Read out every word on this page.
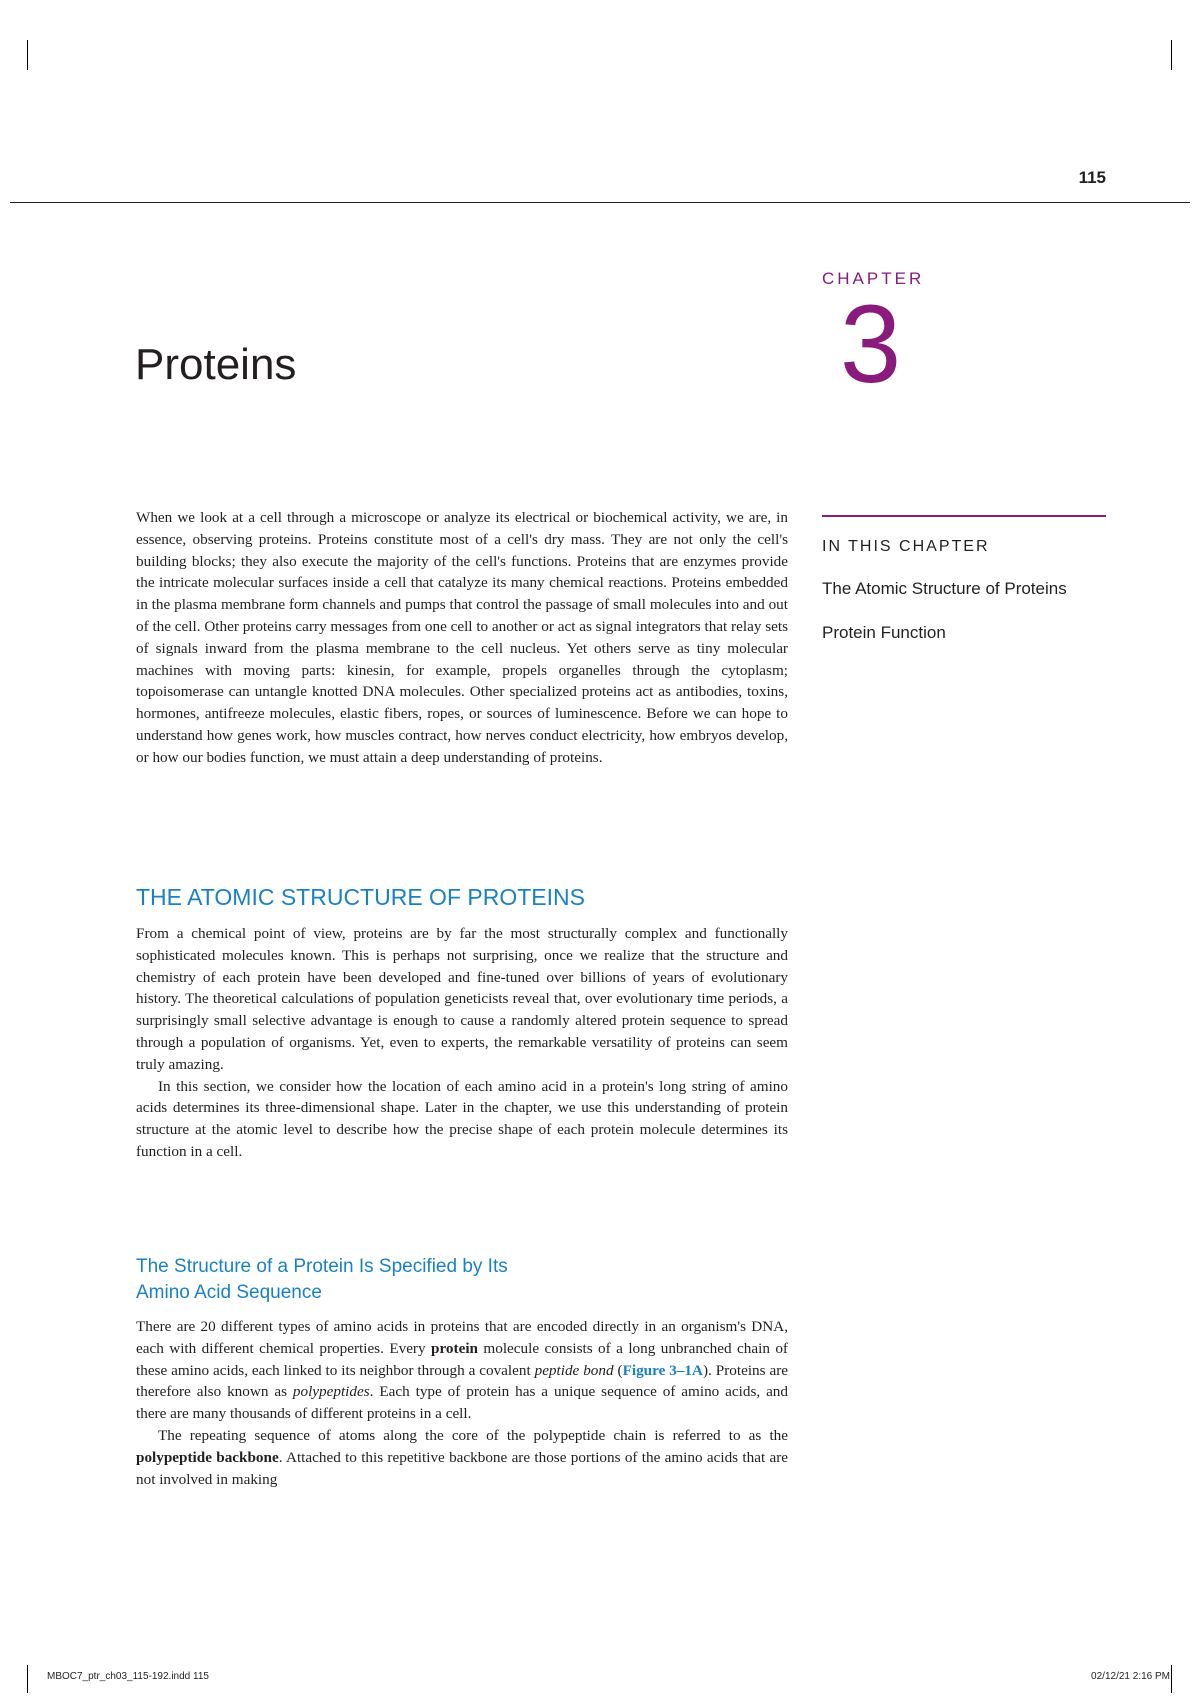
115
CHAPTER
3
Proteins
IN THIS CHAPTER
The Atomic Structure of Proteins
Protein Function

When we look at a cell through a microscope or analyze its electrical or biochemical activity, we are, in essence, observing proteins. Proteins constitute most of a cell's dry mass. They are not only the cell's building blocks; they also execute the majority of the cell's functions. Proteins that are enzymes provide the intricate molecular surfaces inside a cell that catalyze its many chemical reactions. Proteins embedded in the plasma membrane form channels and pumps that control the passage of small molecules into and out of the cell. Other proteins carry messages from one cell to another or act as signal integrators that relay sets of signals inward from the plasma membrane to the cell nucleus. Yet others serve as tiny molecular machines with moving parts: kinesin, for example, propels organelles through the cytoplasm; topoisomerase can untangle knotted DNA molecules. Other specialized proteins act as antibodies, toxins, hormones, antifreeze molecules, elastic fibers, ropes, or sources of luminescence. Before we can hope to understand how genes work, how muscles contract, how nerves conduct electricity, how embryos develop, or how our bodies function, we must attain a deep understanding of proteins.

THE ATOMIC STRUCTURE OF PROTEINS

From a chemical point of view, proteins are by far the most structurally complex and functionally sophisticated molecules known. This is perhaps not surprising, once we realize that the structure and chemistry of each protein have been developed and fine-tuned over billions of years of evolutionary history. The theoretical calculations of population geneticists reveal that, over evolutionary time periods, a surprisingly small selective advantage is enough to cause a randomly altered protein sequence to spread through a population of organisms. Yet, even to experts, the remarkable versatility of proteins can seem truly amazing.

In this section, we consider how the location of each amino acid in a protein's long string of amino acids determines its three-dimensional shape. Later in the chapter, we use this understanding of protein structure at the atomic level to describe how the precise shape of each protein molecule determines its function in a cell.

The Structure of a Protein Is Specified by Its
Amino Acid Sequence

There are 20 different types of amino acids in proteins that are encoded directly in an organism's DNA, each with different chemical properties. Every protein molecule consists of a long unbranched chain of these amino acids, each linked to its neighbor through a covalent peptide bond (Figure 3–1A). Proteins are therefore also known as polypeptides. Each type of protein has a unique sequence of amino acids, and there are many thousands of different proteins in a cell.

The repeating sequence of atoms along the core of the polypeptide chain is referred to as the polypeptide backbone. Attached to this repetitive backbone are those portions of the amino acids that are not involved in making

MBOC7_ptr_ch03_115-192.indd 115	02/12/21 2:16 PM
